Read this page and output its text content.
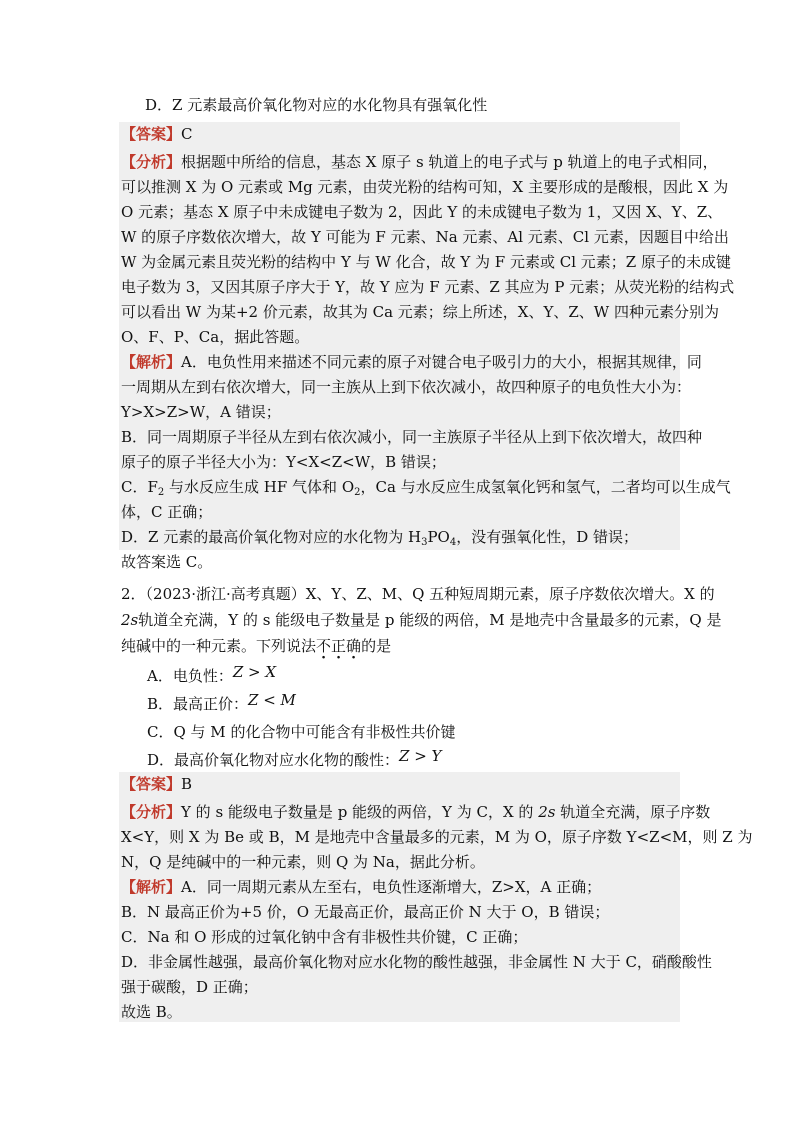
D．Z 元素最高价氧化物对应的水化物具有强氧化性
【答案】C
【分析】根据题中所给的信息，基态 X 原子 s 轨道上的电子式与 p 轨道上的电子式相同，
可以推测 X 为 O 元素或 Mg 元素，由荧光粉的结构可知，X 主要形成的是酸根，因此 X 为
O 元素；基态 X 原子中未成键电子数为 2，因此 Y 的未成键电子数为 1，又因 X、Y、Z、
W 的原子序数依次增大，故 Y 可能为 F 元素、Na 元素、Al 元素、Cl 元素，因题目中给出
W 为金属元素且荧光粉的结构中 Y 与 W 化合，故 Y 为 F 元素或 Cl 元素；Z 原子的未成键
电子数为 3，又因其原子序大于 Y，故 Y 应为 F 元素、Z 其应为 P 元素；从荧光粉的结构式
可以看出 W 为某+2 价元素，故其为 Ca 元素；综上所述，X、Y、Z、W 四种元素分别为
O、F、P、Ca，据此答题。
【解析】A．电负性用来描述不同元素的原子对键合电子吸引力的大小，根据其规律，同
一周期从左到右依次增大，同一主族从上到下依次减小，故四种原子的电负性大小为：
Y>X>Z>W，A 错误；
B．同一周期原子半径从左到右依次减小，同一主族原子半径从上到下依次增大，故四种
原子的原子半径大小为：Y<X<Z<W，B 错误；
C．$F_2$ 与水反应生成 HF 气体和 $O_2$，Ca 与水反应生成氢氧化钙和氢气，二者均可以生成气
体，C 正确；
D．Z 元素的最高价氧化物对应的水化物为 $H_3PO_4$，没有强氧化性，D 错误；
故答案选 C。
2．（2023·浙江·高考真题）X、Y、Z、M、Q 五种短周期元素，原子序数依次增大。X 的
2s轨道全充满，Y 的 s 能级电子数量是 p 能级的两倍，M 是地壳中含量最多的元素，Q 是
纯碱中的一种元素。下列说法不正确的是
A．电负性：Z > X
B．最高正价：Z < M
C．Q 与 M 的化合物中可能含有非极性共价键
D．最高价氧化物对应水化物的酸性：Z > Y
【答案】B
【分析】Y 的 s 能级电子数量是 p 能级的两倍，Y 为 C，X 的 2s 轨道全充满，原子序数
X<Y，则 X 为 Be 或 B，M 是地壳中含量最多的元素，M 为 O，原子序数 Y<Z<M，则 Z 为
N，Q 是纯碱中的一种元素，则 Q 为 Na，据此分析。
【解析】A．同一周期元素从左至右，电负性逐渐增大，Z>X，A 正确；
B．N 最高正价为+5 价，O 无最高正价，最高正价 N 大于 O，B 错误；
C．Na 和 O 形成的过氧化钠中含有非极性共价键，C 正确；
D．非金属性越强，最高价氧化物对应水化物的酸性越强，非金属性 N 大于 C，硝酸酸性
强于碳酸，D 正确；
故选 B。
